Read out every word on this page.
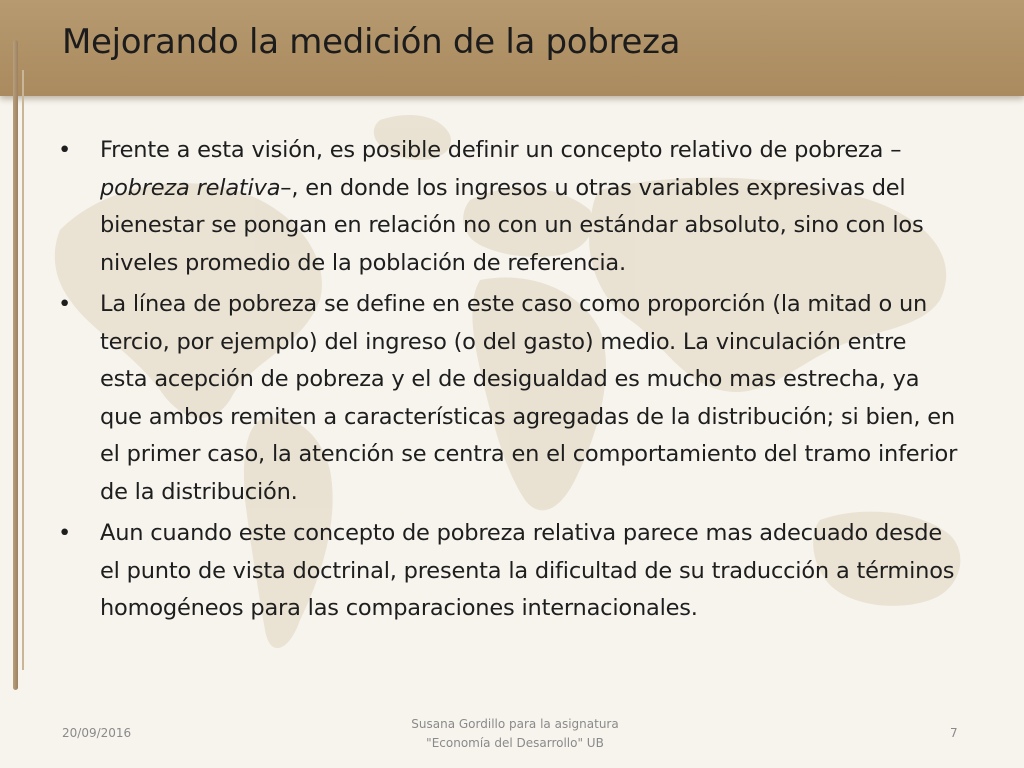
Mejorando la medición de la pobreza
•	Frente a esta visión, es posible definir un concepto relativo de pobreza –pobreza relativa–, en donde los ingresos u otras variables expresivas del bienestar se pongan en relación no con un estándar absoluto, sino con los niveles promedio de la población de referencia.
•	La línea de pobreza se define en este caso como proporción (la mitad o un tercio, por ejemplo) del ingreso (o del gasto) medio. La vinculación entre esta acepción de pobreza y el de desigualdad es mucho mas estrecha, ya que ambos remiten a características agregadas de la distribución; si bien, en el primer caso, la atención se centra en el comportamiento del tramo inferior de la distribución.
•	Aun cuando este concepto de pobreza relativa parece mas adecuado desde el punto de vista doctrinal, presenta la dificultad de su traducción a términos homogéneos para las comparaciones internacionales.
20/09/2016
Susana Gordillo para la asignatura
"Economía del Desarrollo" UB
7
